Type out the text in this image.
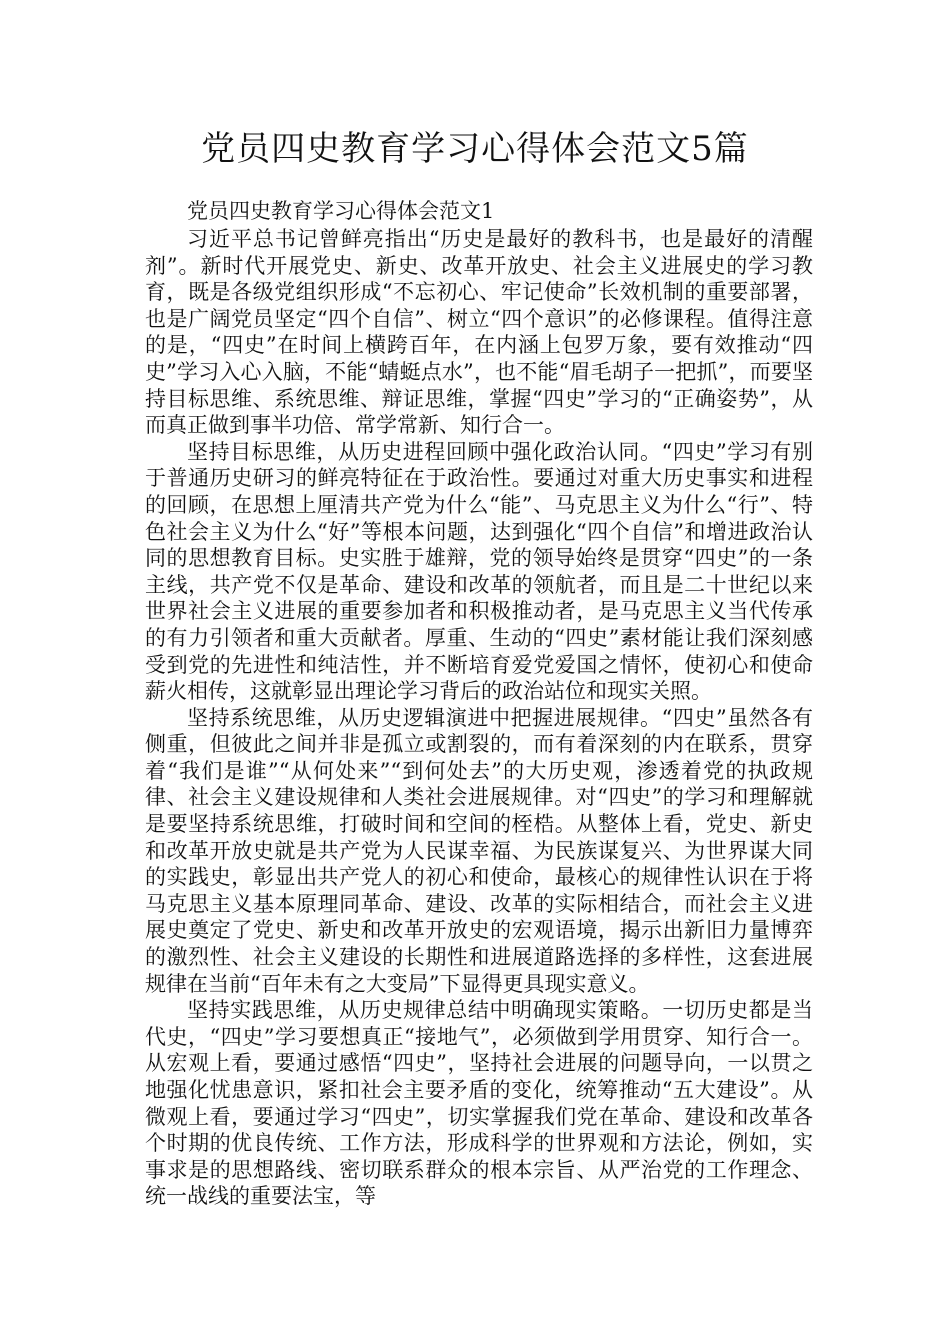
党员四史教育学习心得体会范文5篇

党员四史教育学习心得体会范文1

习近平总书记曾鲜亮指出“历史是最好的教科书，也是最好的清醒剂”。新时代开展党史、新史、改革开放史、社会主义进展史的学习教育，既是各级党组织形成“不忘初心、牢记使命”长效机制的重要部署，也是广阔党员坚定“四个自信”、树立“四个意识”的必修课程。值得注意的是，“四史”在时间上横跨百年，在内涵上包罗万象，要有效推动“四史”学习入心入脑，不能“蜻蜓点水”，也不能“眉毛胡子一把抓”，而要坚持目标思维、系统思维、辩证思维，掌握“四史”学习的“正确姿势”，从而真正做到事半功倍、常学常新、知行合一。

坚持目标思维，从历史进程回顾中强化政治认同。“四史”学习有别于普通历史研习的鲜亮特征在于政治性。要通过对重大历史事实和进程的回顾，在思想上厘清共产党为什么“能”、马克思主义为什么“行”、特色社会主义为什么“好”等根本问题，达到强化“四个自信”和增进政治认同的思想教育目标。史实胜于雄辩，党的领导始终是贯穿“四史”的一条主线，共产党不仅是革命、建设和改革的领航者，而且是二十世纪以来世界社会主义进展的重要参加者和积极推动者，是马克思主义当代传承的有力引领者和重大贡献者。厚重、生动的“四史”素材能让我们深刻感受到党的先进性和纯洁性，并不断培育爱党爱国之情怀，使初心和使命薪火相传，这就彰显出理论学习背后的政治站位和现实关照。

坚持系统思维，从历史逻辑演进中把握进展规律。“四史”虽然各有侧重，但彼此之间并非是孤立或割裂的，而有着深刻的内在联系，贯穿着“我们是谁”“从何处来”“到何处去”的大历史观，渗透着党的执政规律、社会主义建设规律和人类社会进展规律。对“四史”的学习和理解就是要坚持系统思维，打破时间和空间的桎梏。从整体上看，党史、新史和改革开放史就是共产党为人民谋幸福、为民族谋复兴、为世界谋大同的实践史，彰显出共产党人的初心和使命，最核心的规律性认识在于将马克思主义基本原理同革命、建设、改革的实际相结合，而社会主义进展史奠定了党史、新史和改革开放史的宏观语境，揭示出新旧力量博弈的激烈性、社会主义建设的长期性和进展道路选择的多样性，这套进展规律在当前“百年未有之大变局”下显得更具现实意义。

坚持实践思维，从历史规律总结中明确现实策略。一切历史都是当代史，“四史”学习要想真正“接地气”，必须做到学用贯穿、知行合一。从宏观上看，要通过感悟“四史”，坚持社会进展的问题导向，一以贯之地强化忧患意识，紧扣社会主要矛盾的变化，统筹推动“五大建设”。从微观上看，要通过学习“四史”，切实掌握我们党在革命、建设和改革各个时期的优良传统、工作方法，形成科学的世界观和方法论，例如，实事求是的思想路线、密切联系群众的根本宗旨、从严治党的工作理念、统一战线的重要法宝，等
